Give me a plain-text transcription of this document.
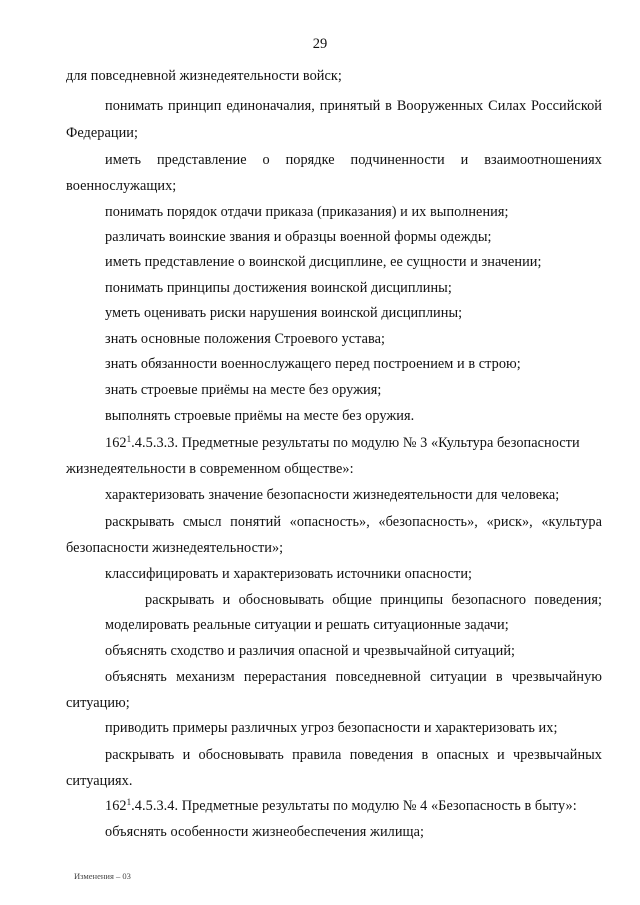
29
для повседневной жизнедеятельности войск;
понимать принцип единоначалия, принятый в Вооруженных Силах Российской
Федерации;
иметь представление о порядке подчиненности и взаимоотношениях
военнослужащих;
понимать порядок отдачи приказа (приказания) и их выполнения;
различать воинские звания и образцы военной формы одежды;
иметь представление о воинской дисциплине, ее сущности и значении;
понимать принципы достижения воинской дисциплины;
уметь оценивать риски нарушения воинской дисциплины;
знать основные положения Строевого устава;
знать обязанности военнослужащего перед построением и в строю;
знать строевые приёмы на месте без оружия;
выполнять строевые приёмы на месте без оружия.
$162^1.4.5.3.3$. Предметные результаты по модулю № 3 «Культура безопасности
жизнедеятельности в современном обществе»:
характеризовать значение безопасности жизнедеятельности для человека;
раскрывать смысл понятий «опасность», «безопасность», «риск», «культура
безопасности жизнедеятельности»;
классифицировать и характеризовать источники опасности;
раскрывать и обосновывать общие принципы безопасного поведения;
моделировать реальные ситуации и решать ситуационные задачи;
объяснять сходство и различия опасной и чрезвычайной ситуаций;
объяснять механизм перерастания повседневной ситуации в чрезвычайную
ситуацию;
приводить примеры различных угроз безопасности и характеризовать их;
раскрывать и обосновывать правила поведения в опасных и чрезвычайных
ситуациях.
$162^1.4.5.3.4$. Предметные результаты по модулю № 4 «Безопасность в быту»:
объяснять особенности жизнеобеспечения жилища;
Изменения – 03
